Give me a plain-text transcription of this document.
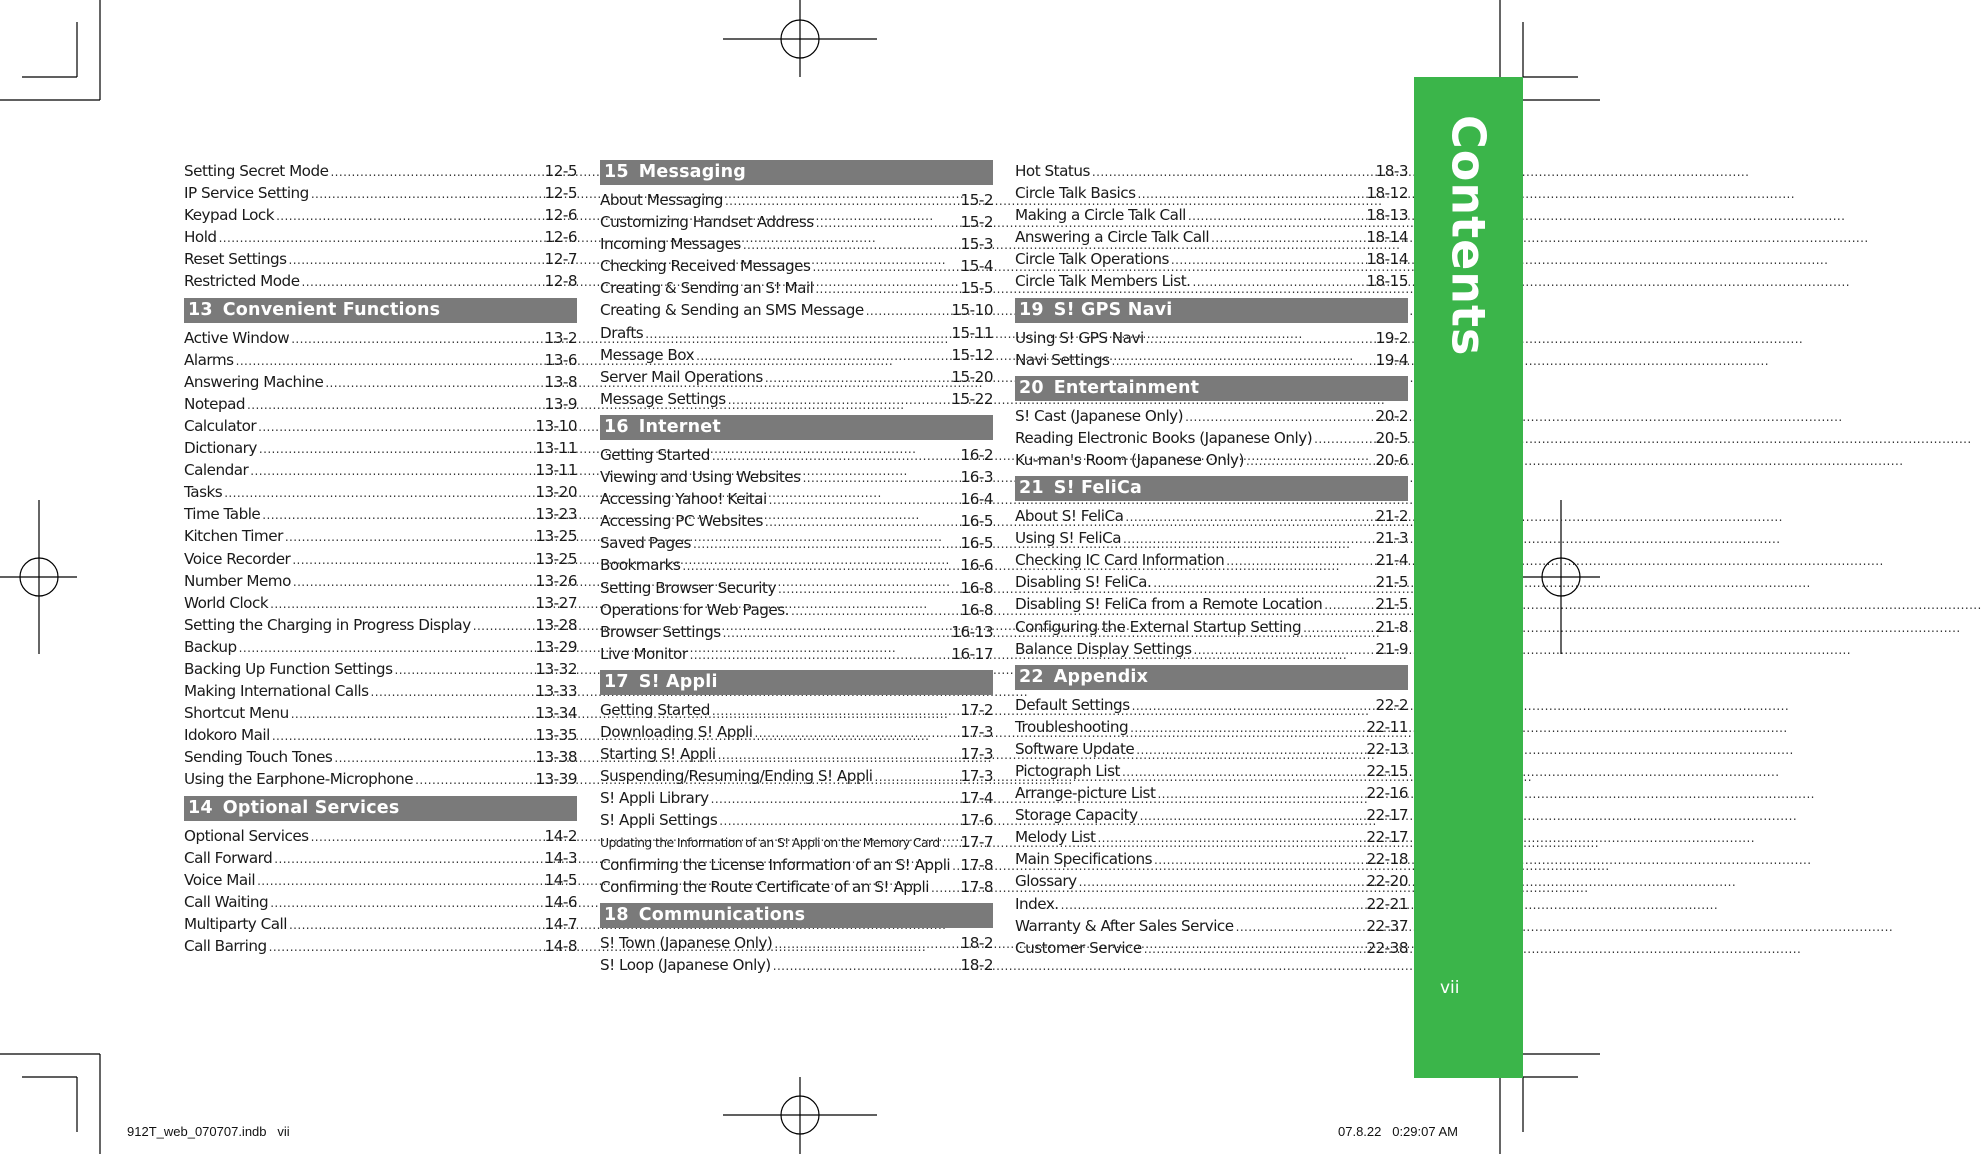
Setting Secret Mode .....	12-5
IP Service Setting .....	12-5
Keypad Lock .....	12-6
Hold .....	12-6
Reset Settings .....	12-7
Restricted Mode .....	12-8
13 Convenient Functions
Active Window .....	13-2
Alarms .....	13-6
Answering Machine .....	13-8
Notepad .....	13-9
Calculator .....	13-10
Dictionary .....	13-11
Calendar .....	13-11
Tasks .....	13-20
Time Table .....	13-23
Kitchen Timer .....	13-25
Voice Recorder .....	13-25
Number Memo .....	13-26
World Clock .....	13-27
Setting the Charging in Progress Display .....	13-28
Backup .....	13-29
Backing Up Function Settings .....	13-32
Making International Calls .....	13-33
Shortcut Menu .....	13-34
Idokoro Mail .....	13-35
Sending Touch Tones .....	13-38
Using the Earphone-Microphone .....	13-39
14 Optional Services
Optional Services .....	14-2
Call Forward .....	14-3
Voice Mail .....	14-5
Call Waiting .....	14-6
Multiparty Call .....	14-7
Call Barring .....	14-8
15 Messaging
About Messaging .....	15-2
Customizing Handset Address .....	15-2
Incoming Messages .....	15-3
Checking Received Messages .....	15-4
Creating & Sending an S! Mail .....	15-5
Creating & Sending an SMS Message .....	15-10
Drafts .....	15-11
Message Box .....	15-12
Server Mail Operations .....	15-20
Message Settings .....	15-22
16 Internet
Getting Started .....	16-2
Viewing and Using Websites .....	16-3
Accessing Yahoo! Keitai .....	16-4
Accessing PC Websites .....	16-5
Saved Pages .....	16-5
Bookmarks .....	16-6
Setting Browser Security .....	16-8
Operations for Web Pages. .....	16-8
Browser Settings .....	16-13
Live Monitor .....	16-17
17 S! Appli
Getting Started .....	17-2
Downloading S! Appli .....	17-3
Starting S! Appli .....	17-3
Suspending/Resuming/Ending S! Appli .....	17-3
S! Appli Library .....	17-4
S! Appli Settings .....	17-6
Updating the Information of an S! Appli on the Memory Card ..... 17-7
Confirming the License Information of an S! Appli ..... 17-8
Confirming the Route Certificate of an S! Appli ..... 17-8
18 Communications
S! Town (Japanese Only) .....	18-2
S! Loop (Japanese Only) .....	18-2
Hot Status .....	18-3
Circle Talk Basics .....	18-12
Making a Circle Talk Call .....	18-13
Answering a Circle Talk Call .....	18-14
Circle Talk Operations .....	18-14
Circle Talk Members List. .....	18-15
19 S! GPS Navi
Using S! GPS Navi .....	19-2
Navi Settings .....	19-4
20 Entertainment
S! Cast (Japanese Only) .....	20-2
Reading Electronic Books (Japanese Only) .....	20-5
Ku-man's Room (Japanese Only) .....	20-6
21 S! FeliCa
About S! FeliCa .....	21-2
Using S! FeliCa .....	21-3
Checking IC Card Information .....	21-4
Disabling S! FeliCa. .....	21-5
Disabling S! FeliCa from a Remote Location .....	21-5
Configuring the External Startup Setting .....	21-8
Balance Display Settings .....	21-9
22 Appendix
Default Settings .....	22-2
Troubleshooting .....	22-11
Software Update .....	22-13
Pictograph List .....	22-15
Arrange-picture List .....	22-16
Storage Capacity .....	22-17
Melody List .....	22-17
Main Specifications .....	22-18
Glossary .....	22-20
Index. .....	22-21
Warranty & After Sales Service .....	22-37
Customer Service .....	22-38
Contents
vii
912T_web_070707.indb   vii	07.8.22   0:29:07 AM
